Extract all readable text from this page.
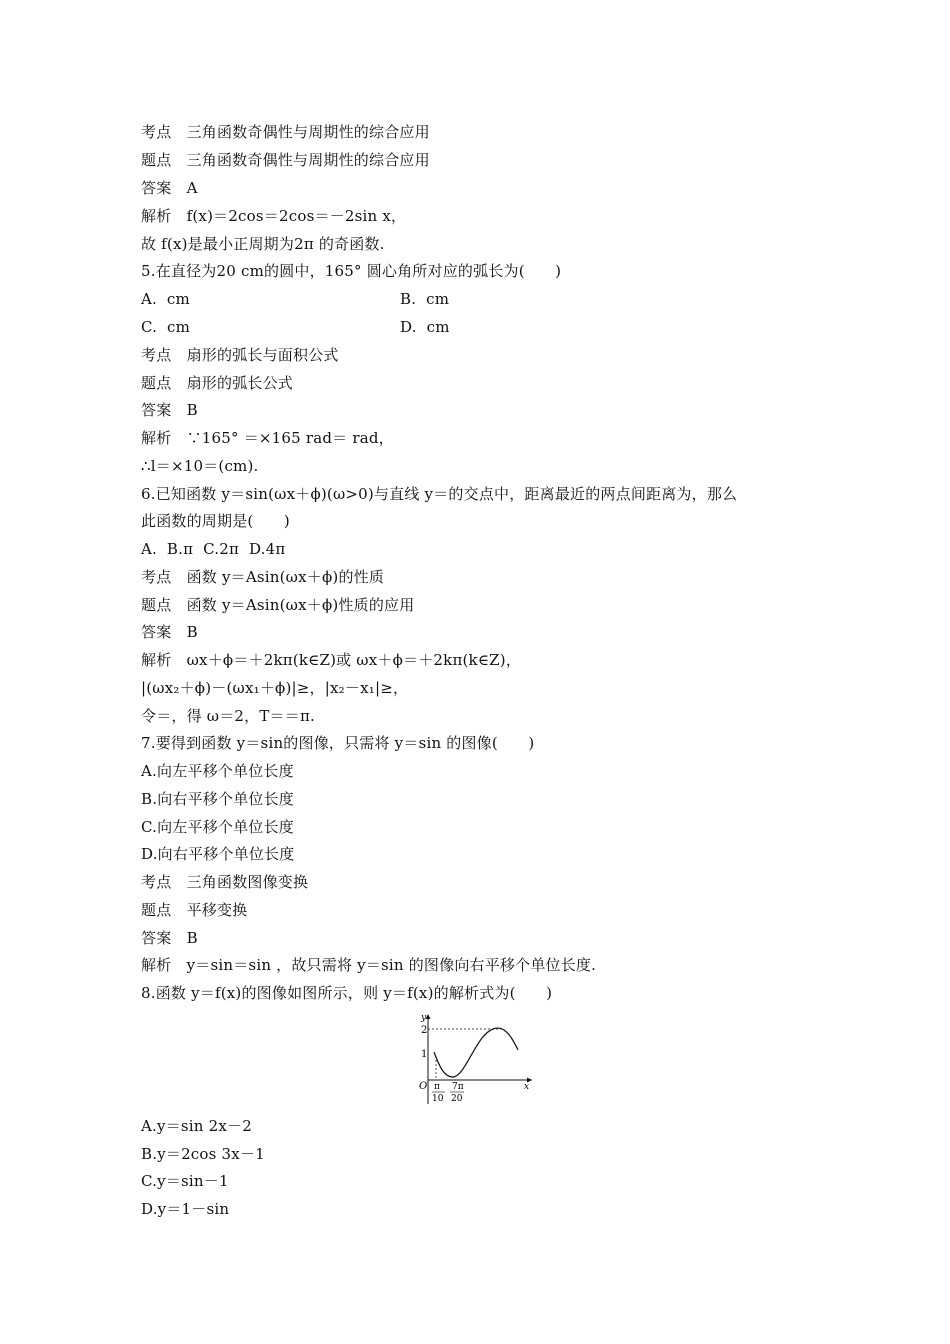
考点　三角函数奇偶性与周期性的综合应用
题点　三角函数奇偶性与周期性的综合应用
答案　A
解析　f(x)＝2cos＝2cos＝－2sin x，
故 f(x)是最小正周期为2π 的奇函数.
5.在直径为20 cm的圆中，165° 圆心角所对应的弧长为(　　)
A.  cm	B.  cm
C.  cm	D.  cm
考点　扇形的弧长与面积公式
题点　扇形的弧长公式
答案　B
解析　∵165° ＝×165 rad＝ rad，
∴l＝×10＝(cm).
6.已知函数 y＝sin(ωx＋ϕ)(ω>0)与直线 y＝的交点中，距离最近的两点间距离为，那么
此函数的周期是(　　)
A.  B.π  C.2π  D.4π
考点　函数 y＝Asin(ωx＋ϕ)的性质
题点　函数 y＝Asin(ωx＋ϕ)性质的应用
答案　B
解析　ωx＋ϕ＝＋2kπ(k∈Z)或 ωx＋ϕ＝＋2kπ(k∈Z)，
|(ωx₂＋ϕ)－(ωx₁＋ϕ)|≥，|x₂－x₁|≥，
令＝，得 ω＝2，T＝＝π.
7.要得到函数 y＝sin的图像，只需将 y＝sin 的图像(　　)
A.向左平移个单位长度
B.向右平移个单位长度
C.向左平移个单位长度
D.向右平移个单位长度
考点　三角函数图像变换
题点　平移变换
答案　B
解析　y＝sin＝sin ，故只需将 y＝sin 的图像向右平移个单位长度.
8.函数 y＝f(x)的图像如图所示，则 y＝f(x)的解析式为(　　)
y
x
O
2
1
π
10
7π
20
A.y＝sin 2x－2
B.y＝2cos 3x－1
C.y＝sin－1
D.y＝1－sin
